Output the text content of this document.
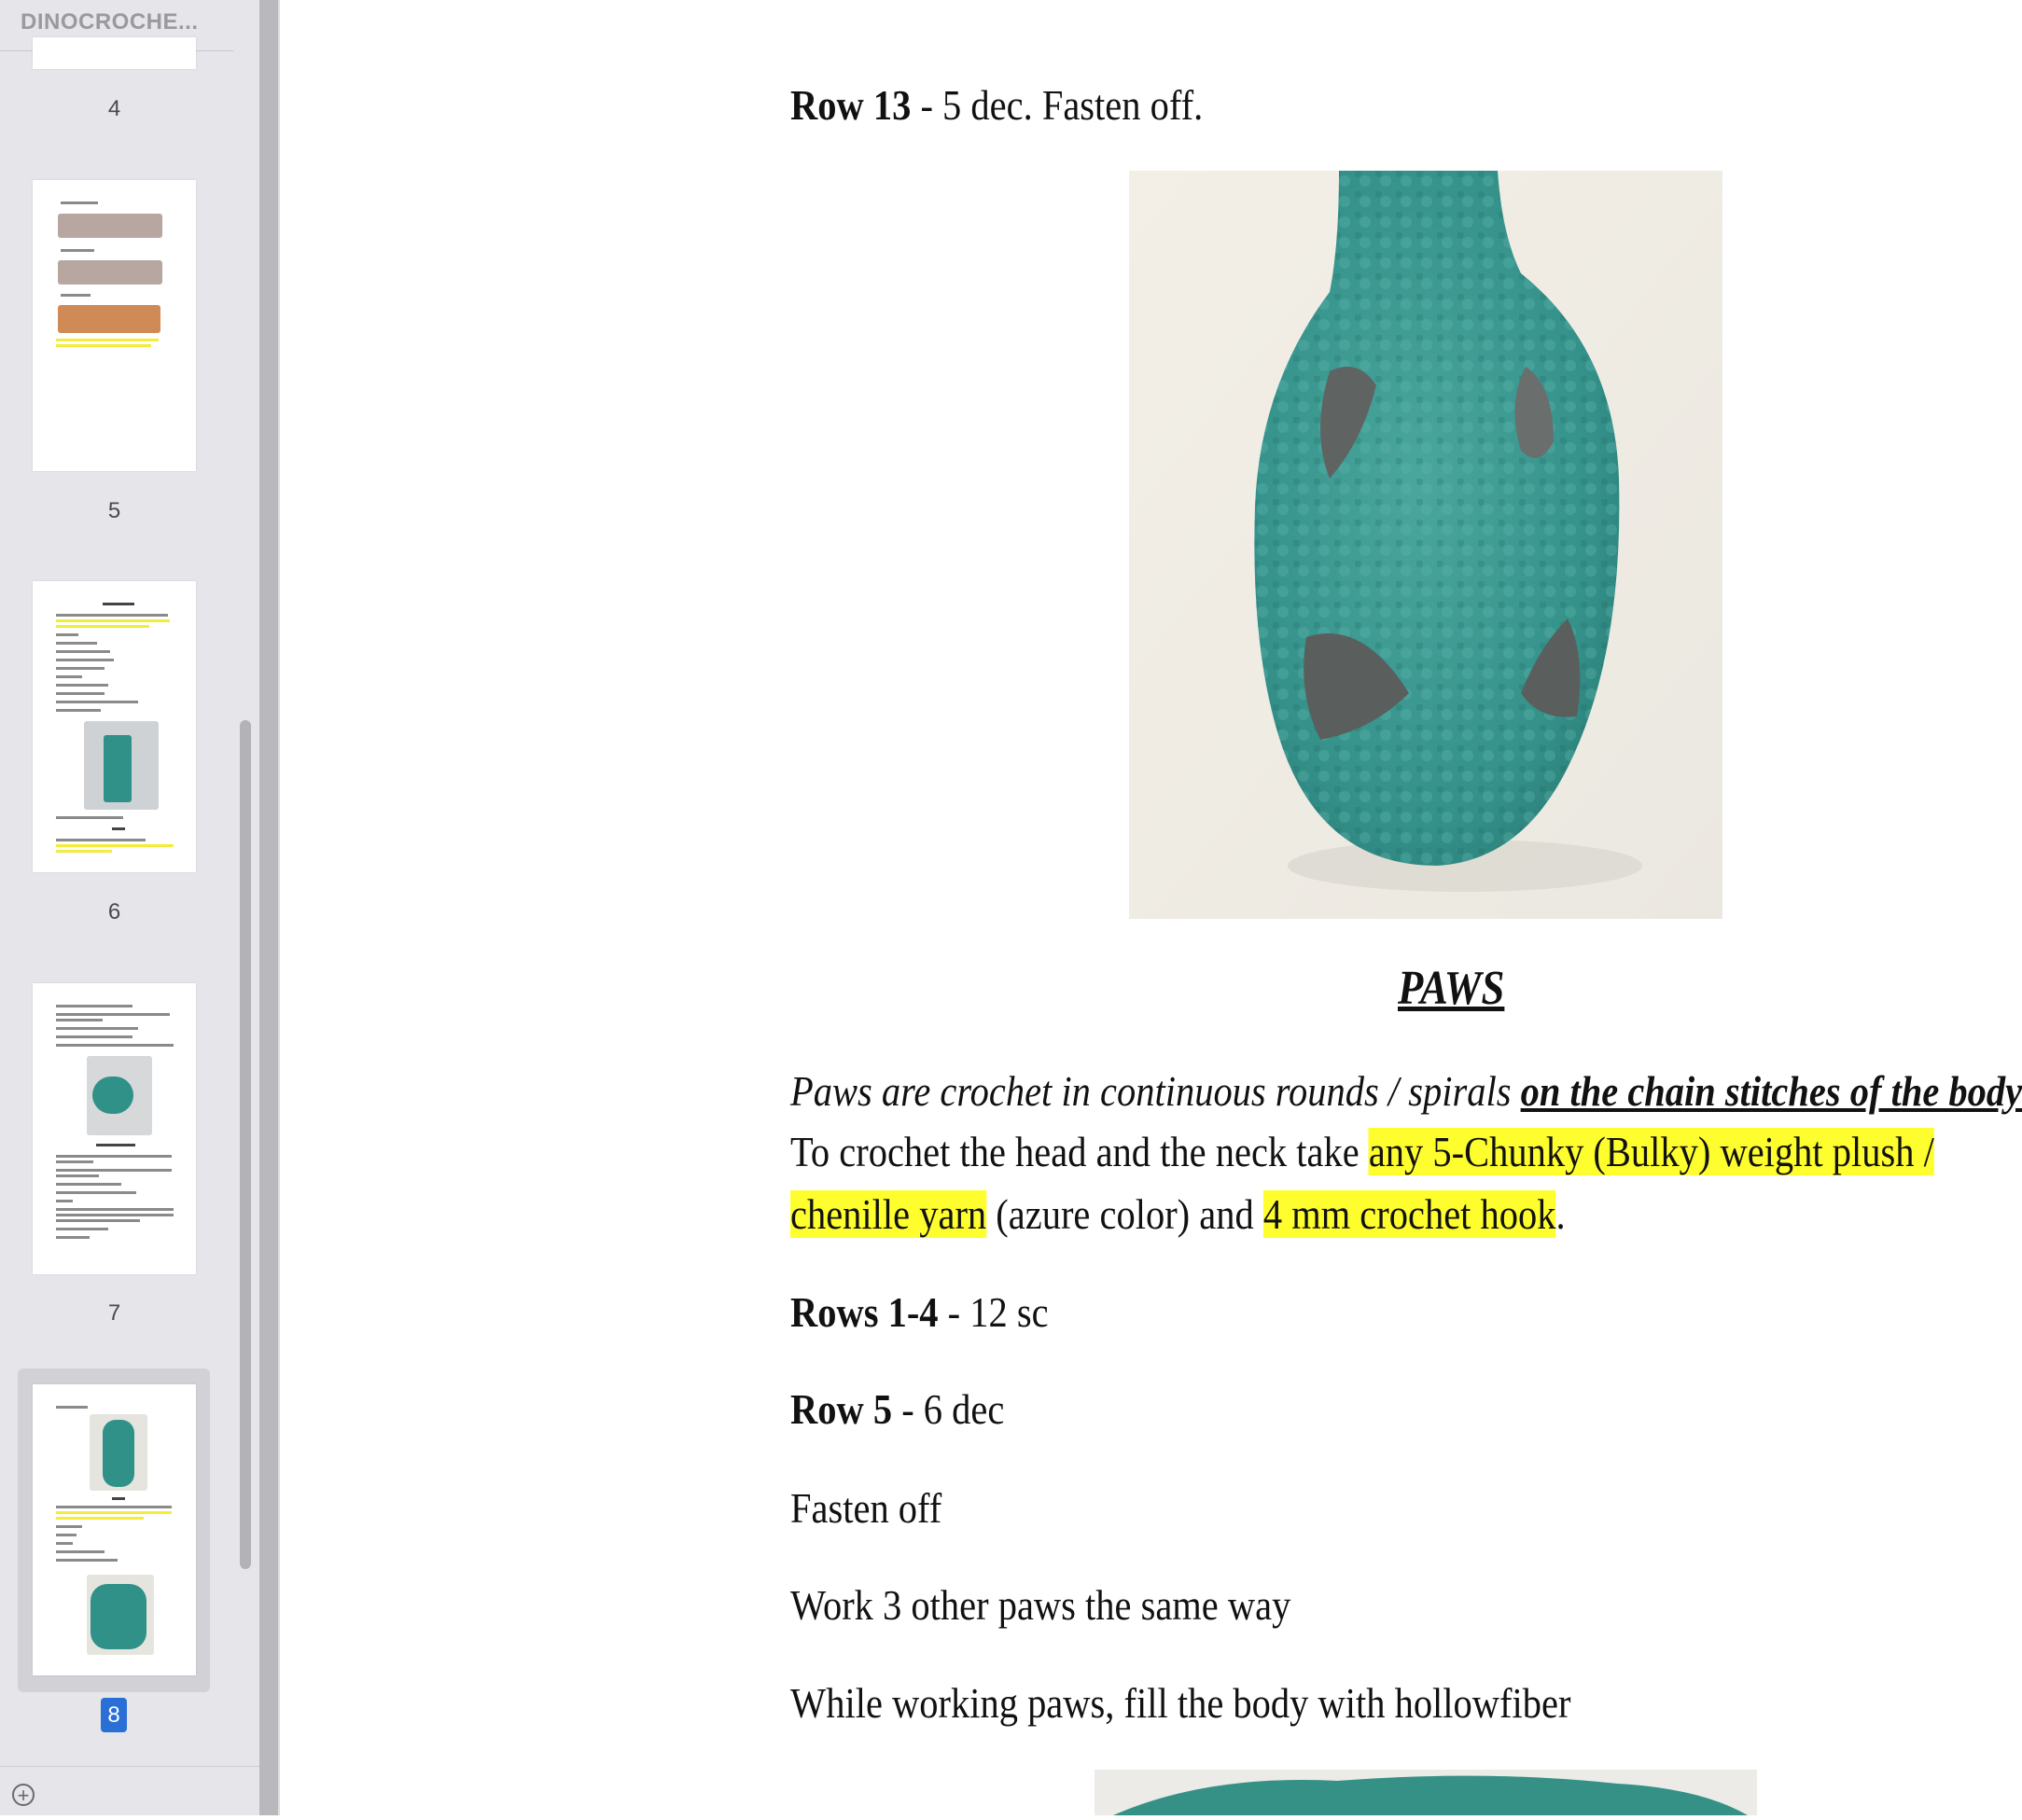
DINOCROCHE...
4
5
6
7
8
+
Row 13 - 5 dec. Fasten off.
PAWS
Paws are crochet in continuous rounds / spirals on the chain stitches of the body
To crochet the head and the neck take any 5-Chunky (Bulky) weight plush /
chenille yarn (azure color) and 4 mm crochet hook.
Rows 1-4 - 12 sc
Row 5 - 6 dec
Fasten off
Work 3 other paws the same way
While working paws, fill the body with hollowfiber
